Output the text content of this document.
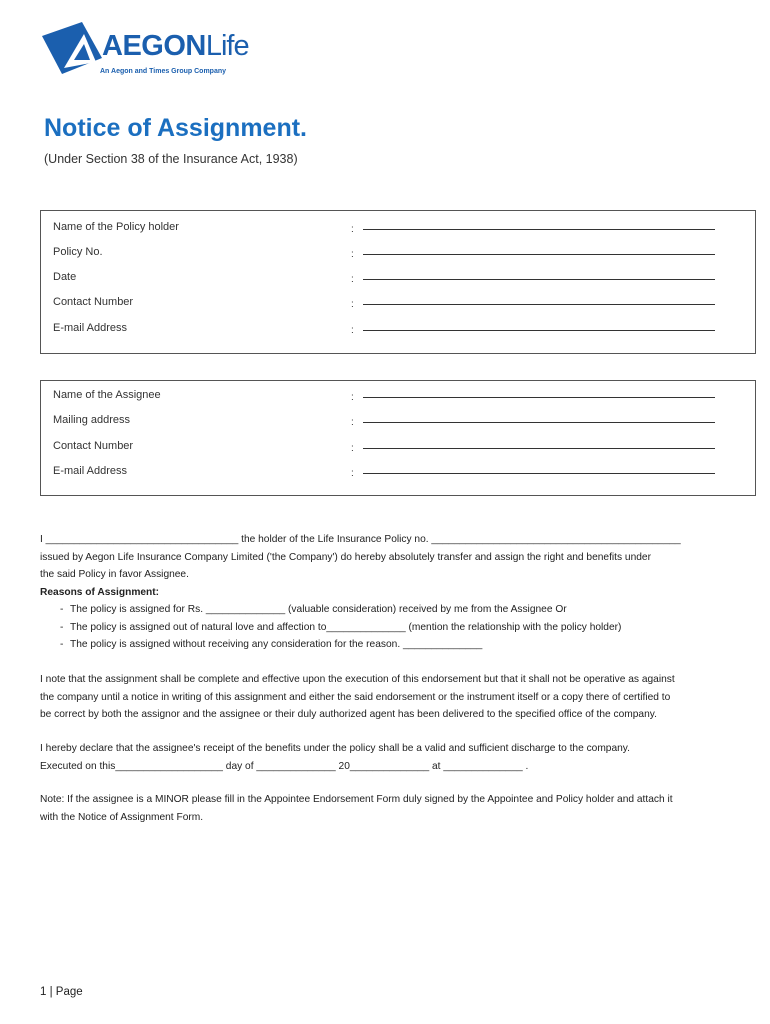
AEGONLife
An Aegon and Times Group Company
Notice of Assignment.
(Under Section 38 of the Insurance Act, 1938)
Name of the Policy holder	:
Policy No.	:
Date	:
Contact Number	:
E-mail Address	:
Name of the Assignee	:
Mailing address	:
Contact Number	:
E-mail Address	:

I __________________________________ the holder of the Life Insurance Policy no. ____________________________________________

issued by Aegon Life Insurance Company Limited ('the Company') do hereby absolutely transfer and assign the right and benefits under

the said Policy in favor Assignee.

Reasons of Assignment:

- The policy is assigned for Rs. ______________ (valuable consideration) received by me from the Assignee Or
- The policy is assigned out of natural love and affection to______________ (mention the relationship with the policy holder)
- The policy is assigned without receiving any consideration for the reason. ______________

I note that the assignment shall be complete and effective upon the execution of this endorsement but that it shall not be operative as against

the company until a notice in writing of this assignment and either the said endorsement or the instrument itself or a copy there of certified to

be correct by both the assignor and the assignee or their duly authorized agent has been delivered to the specified office of the company.

I hereby declare that the assignee's receipt of the benefits under the policy shall be a valid and sufficient discharge to the company.

Executed on this___________________ day of ______________ 20______________ at ______________ .

Note: If the assignee is a MINOR please fill in the Appointee Endorsement Form duly signed by the Appointee and Policy holder and attach it

with the Notice of Assignment Form.

1 | Page
